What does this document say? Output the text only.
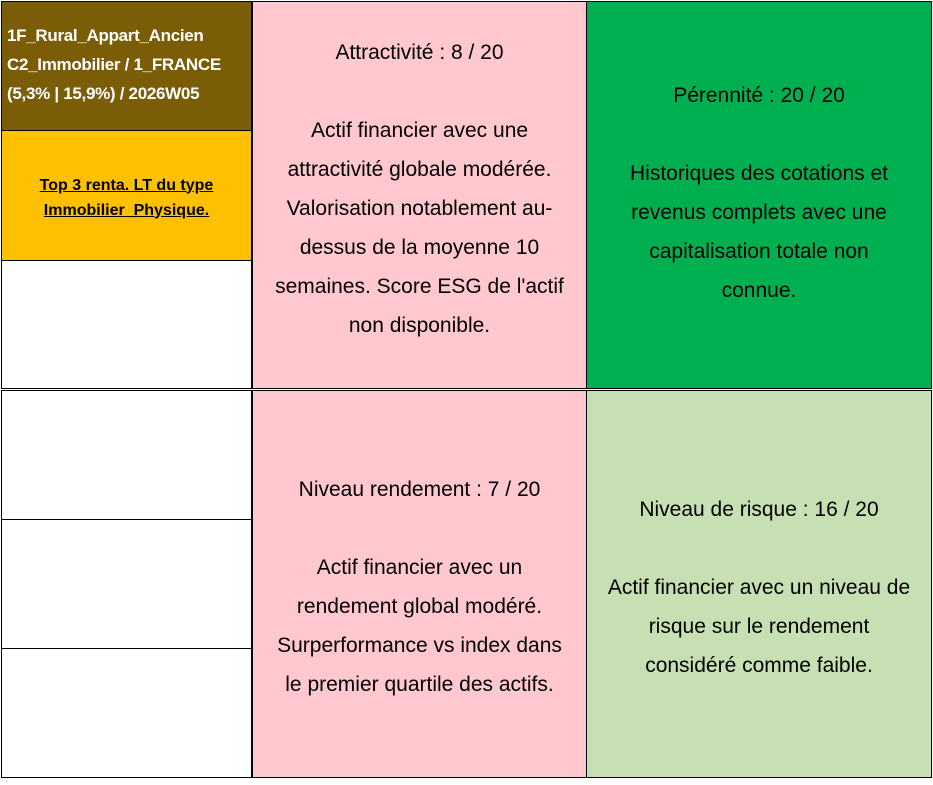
1F_Rural_Appart_Ancien
C2_Immobilier / 1_FRANCE
(5,3% | 15,9%) / 2026W05
Top 3 renta. LT du type
Immobilier_Physique.
Attractivité : 8 / 20
Actif financier avec une
attractivité globale modérée.
Valorisation notablement au-
dessus de la moyenne 10
semaines. Score ESG de l'actif
non disponible.
Pérennité : 20 / 20
Historiques des cotations et
revenus complets avec une
capitalisation totale non
connue.
Niveau rendement : 7 / 20
Actif financier avec un
rendement global modéré.
Surperformance vs index dans
le premier quartile des actifs.
Niveau de risque : 16 / 20
Actif financier avec un niveau de
risque sur le rendement
considéré comme faible.
